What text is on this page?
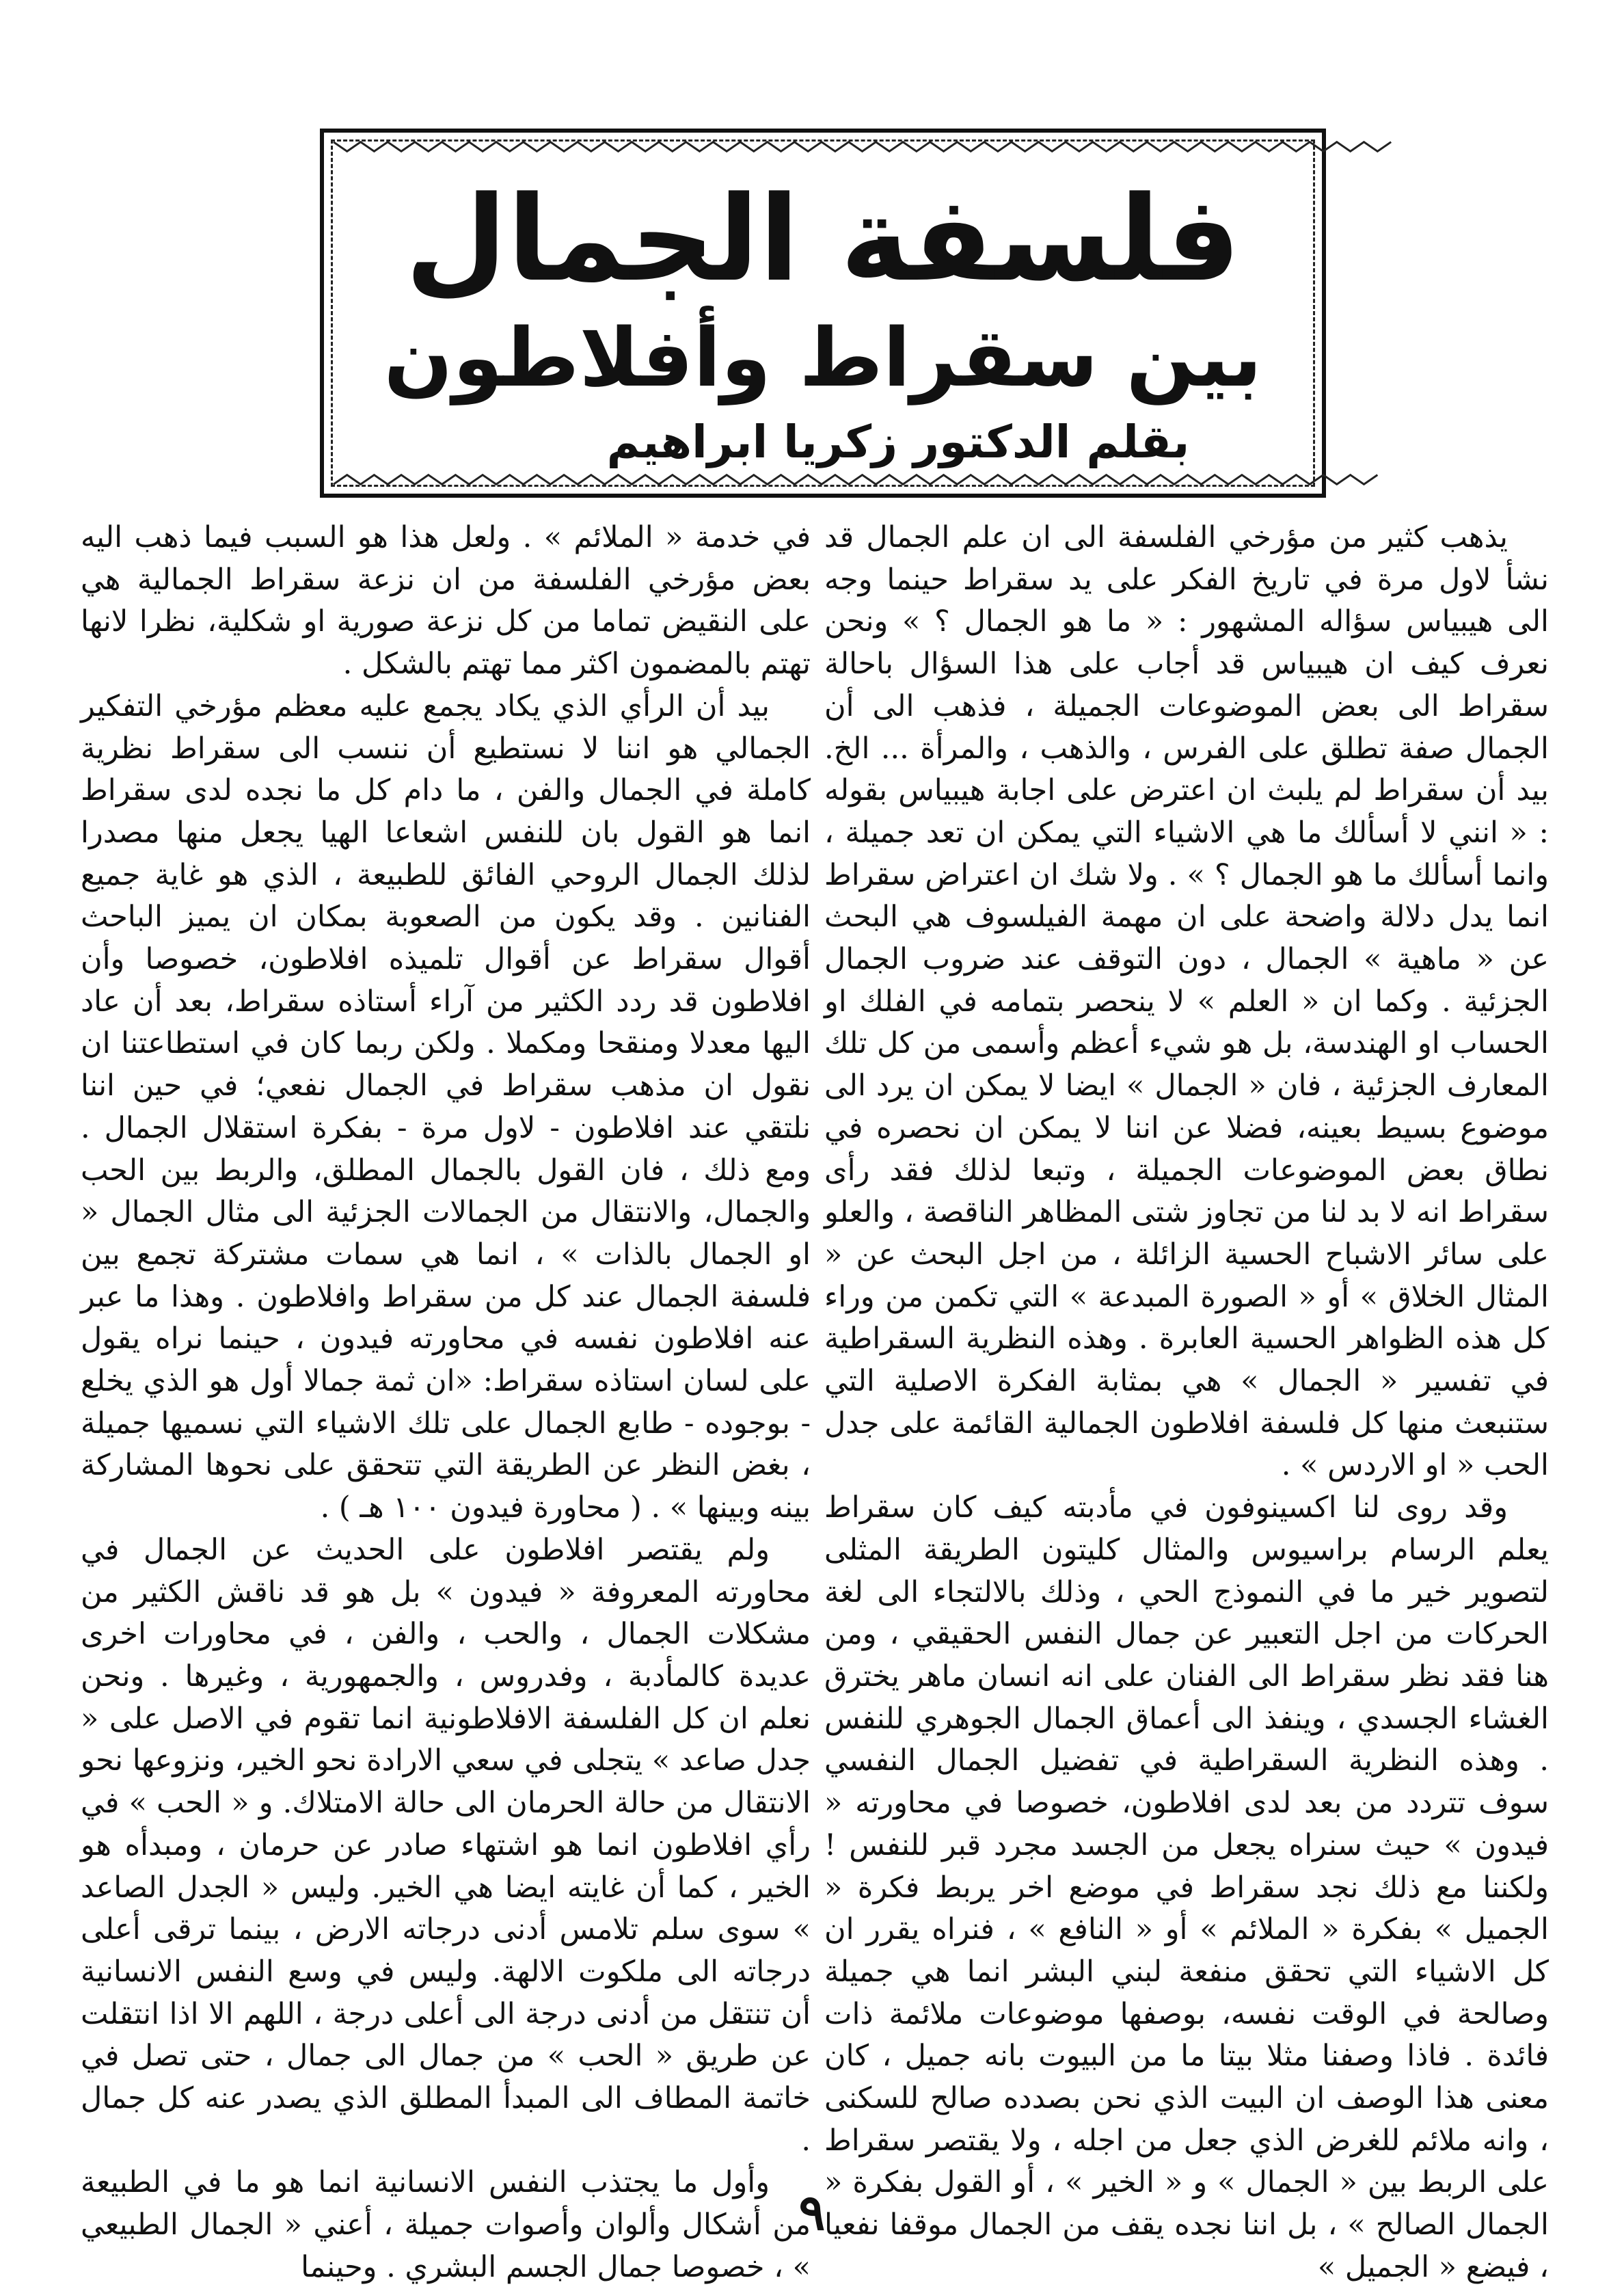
فلسفة الجمال
بين سقراط وأفلاطون
بقلم الدكتور زكريا ابراهيم

يذهب كثير من مؤرخي الفلسفة الى ان علم الجمال قد نشأ لاول مرة في تاريخ الفكر على يد سقراط حينما وجه الى هيبياس سؤاله المشهور : « ما هو الجمال ؟ » ونحن نعرف كيف ان هيبياس قد أجاب على هذا السؤال باحالة سقراط الى بعض الموضوعات الجميلة ، فذهب الى أن الجمال صفة تطلق على الفرس ، والذهب ، والمرأة ... الخ. بيد أن سقراط لم يلبث ان اعترض على اجابة هيبياس بقوله : « انني لا أسألك ما هي الاشياء التي يمكن ان تعد جميلة ، وانما أسألك ما هو الجمال ؟ » . ولا شك ان اعتراض سقراط انما يدل دلالة واضحة على ان مهمة الفيلسوف هي البحث عن « ماهية » الجمال ، دون التوقف عند ضروب الجمال الجزئية . وكما ان « العلم » لا ينحصر بتمامه في الفلك او الحساب او الهندسة، بل هو شيء أعظم وأسمى من كل تلك المعارف الجزئية ، فان « الجمال » ايضا لا يمكن ان يرد الى موضوع بسيط بعينه، فضلا عن اننا لا يمكن ان نحصره في نطاق بعض الموضوعات الجميلة ، وتبعا لذلك فقد رأى سقراط انه لا بد لنا من تجاوز شتى المظاهر الناقصة ، والعلو على سائر الاشباح الحسية الزائلة ، من اجل البحث عن « المثال الخلاق » أو « الصورة المبدعة » التي تكمن من وراء كل هذه الظواهر الحسية العابرة . وهذه النظرية السقراطية في تفسير « الجمال » هي بمثابة الفكرة الاصلية التي ستنبعث منها كل فلسفة افلاطون الجمالية القائمة على جدل الحب « او الاردس » .

وقد روى لنا اكسينوفون في مأدبته كيف كان سقراط يعلم الرسام براسيوس والمثال كليتون الطريقة المثلى لتصوير خير ما في النموذج الحي ، وذلك بالالتجاء الى لغة الحركات من اجل التعبير عن جمال النفس الحقيقي ، ومن هنا فقد نظر سقراط الى الفنان على انه انسان ماهر يخترق الغشاء الجسدي ، وينفذ الى أعماق الجمال الجوهري للنفس . وهذه النظرية السقراطية في تفضيل الجمال النفسي سوف تتردد من بعد لدى افلاطون، خصوصا في محاورته « فيدون » حيث سنراه يجعل من الجسد مجرد قبر للنفس ! ولكننا مع ذلك نجد سقراط في موضع اخر يربط فكرة « الجميل » بفكرة « الملائم » أو « النافع » ، فنراه يقرر ان كل الاشياء التي تحقق منفعة لبني البشر انما هي جميلة وصالحة في الوقت نفسه، بوصفها موضوعات ملائمة ذات فائدة . فاذا وصفنا مثلا بيتا ما من البيوت بانه جميل ، كان معنى هذا الوصف ان البيت الذي نحن بصدده صالح للسكنى ، وانه ملائم للغرض الذي جعل من اجله ، ولا يقتصر سقراط على الربط بين « الجمال » و « الخير » ، أو القول بفكرة « الجمال الصالح » ، بل اننا نجده يقف من الجمال موقفا نفعيا ، فيضع « الجميل »

في خدمة « الملائم » . ولعل هذا هو السبب فيما ذهب اليه بعض مؤرخي الفلسفة من ان نزعة سقراط الجمالية هي على النقيض تماما من كل نزعة صورية او شكلية، نظرا لانها تهتم بالمضمون اكثر مما تهتم بالشكل .

بيد أن الرأي الذي يكاد يجمع عليه معظم مؤرخي التفكير الجمالي هو اننا لا نستطيع أن ننسب الى سقراط نظرية كاملة في الجمال والفن ، ما دام كل ما نجده لدى سقراط انما هو القول بان للنفس اشعاعا الهيا يجعل منها مصدرا لذلك الجمال الروحي الفائق للطبيعة ، الذي هو غاية جميع الفنانين . وقد يكون من الصعوبة بمكان ان يميز الباحث أقوال سقراط عن أقوال تلميذه افلاطون، خصوصا وأن افلاطون قد ردد الكثير من آراء أستاذه سقراط، بعد أن عاد اليها معدلا ومنقحا ومكملا . ولكن ربما كان في استطاعتنا ان نقول ان مذهب سقراط في الجمال نفعي؛ في حين اننا نلتقي عند افلاطون - لاول مرة - بفكرة استقلال الجمال . ومع ذلك ، فان القول بالجمال المطلق، والربط بين الحب والجمال، والانتقال من الجمالات الجزئية الى مثال الجمال « او الجمال بالذات » ، انما هي سمات مشتركة تجمع بين فلسفة الجمال عند كل من سقراط وافلاطون . وهذا ما عبر عنه افلاطون نفسه في محاورته فيدون ، حينما نراه يقول على لسان استاذه سقراط: «ان ثمة جمالا أول هو الذي يخلع - بوجوده - طابع الجمال على تلك الاشياء التي نسميها جميلة ، بغض النظر عن الطريقة التي تتحقق على نحوها المشاركة بينه وبينها » . ( محاورة فيدون ١٠٠ هـ ) .

ولم يقتصر افلاطون على الحديث عن الجمال في محاورته المعروفة « فيدون » بل هو قد ناقش الكثير من مشكلات الجمال ، والحب ، والفن ، في محاورات اخرى عديدة كالمأدبة ، وفدروس ، والجمهورية ، وغيرها . ونحن نعلم ان كل الفلسفة الافلاطونية انما تقوم في الاصل على « جدل صاعد » يتجلى في سعي الارادة نحو الخير، ونزوعها نحو الانتقال من حالة الحرمان الى حالة الامتلاك. و « الحب » في رأي افلاطون انما هو اشتهاء صادر عن حرمان ، ومبدأه هو الخير ، كما أن غايته ايضا هي الخير. وليس « الجدل الصاعد » سوى سلم تلامس أدنى درجاته الارض ، بينما ترقى أعلى درجاته الى ملكوت الالهة. وليس في وسع النفس الانسانية أن تنتقل من أدنى درجة الى أعلى درجة ، اللهم الا اذا انتقلت عن طريق « الحب » من جمال الى جمال ، حتى تصل في خاتمة المطاف الى المبدأ المطلق الذي يصدر عنه كل جمال .

وأول ما يجتذب النفس الانسانية انما هو ما في الطبيعة من أشكال وألوان وأصوات جميلة ، أعني « الجمال الطبيعي » ، خصوصا جمال الجسم البشري . وحينما

٩
